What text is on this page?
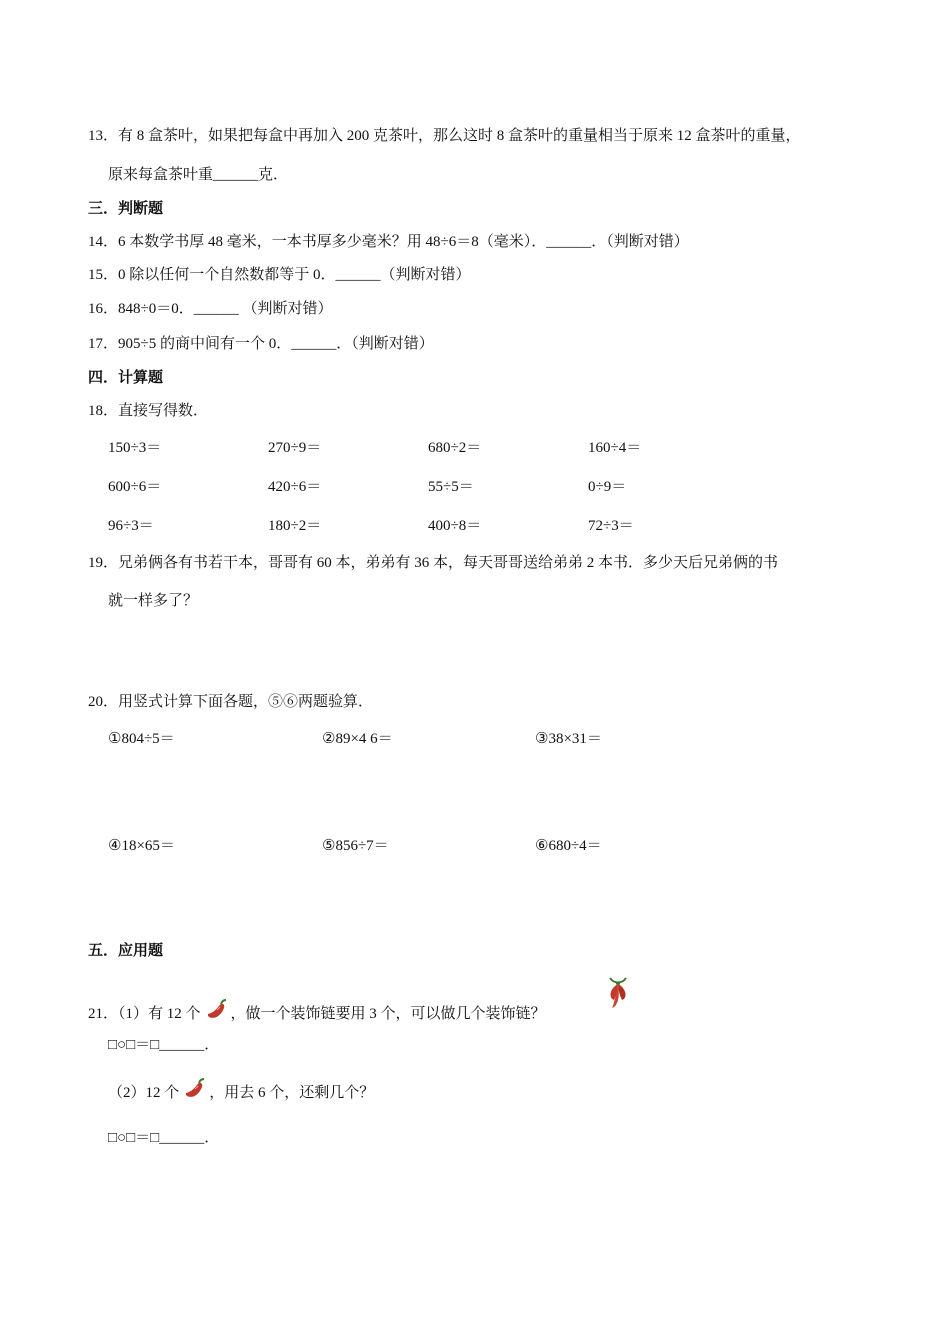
13．有 8 盒茶叶，如果把每盒中再加入 200 克茶叶，那么这时 8 盒茶叶的重量相当于原来 12 盒茶叶的重量，
原来每盒茶叶重______克．
三．判断题
14．6 本数学书厚 48 毫米，一本书厚多少毫米？用 48÷6＝8（毫米）．______．（判断对错）
15．0 除以任何一个自然数都等于 0．______（判断对错）
16．848÷0＝0．______ （判断对错）
17．905÷5 的商中间有一个 0．______．（判断对错）
四．计算题
18．直接写得数．
150÷3＝	270÷9＝	680÷2＝	160÷4＝
600÷6＝	420÷6＝	55÷5＝	0÷9＝
96÷3＝	180÷2＝	400÷8＝	72÷3＝
19．兄弟俩各有书若干本，哥哥有 60 本，弟弟有 36 本，每天哥哥送给弟弟 2 本书．多少天后兄弟俩的书
就一样多了？
20．用竖式计算下面各题，⑤⑥两题验算．
①804÷5＝	②89×4 6＝	③38×31＝
④18×65＝	⑤856÷7＝	⑥680÷4＝
五．应用题
21．（1）有 12 个 ，做一个装饰链要用 3 个，可以做几个装饰链？
□○□＝□______．
（2）12 个 ，用去 6 个，还剩几个？
□○□＝□______．
